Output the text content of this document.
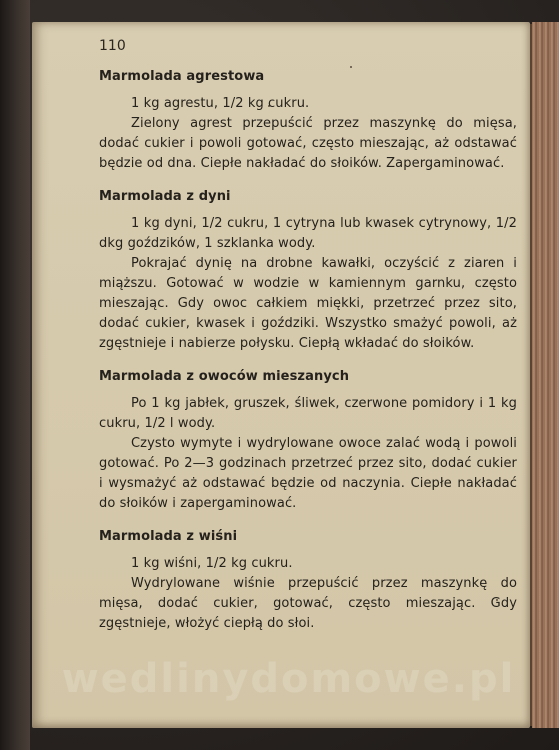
110

Marmolada agrestowa

1 kg agrestu, 1/2 kg cukru.

Zielony agrest przepuścić przez maszynkę do mięsa, dodać cukier i powoli gotować, często mieszając, aż odstawać będzie od dna. Ciepłe nakładać do słoików. Zapergaminować.

Marmolada z dyni

1 kg dyni, 1/2 cukru, 1 cytryna lub kwasek cytrynowy, 1/2 dkg goździków, 1 szklanka wody.

Pokrajać dynię na drobne kawałki, oczyścić z ziaren i miąższu. Gotować w wodzie w kamiennym garnku, często mieszając. Gdy owoc całkiem miękki, przetrzeć przez sito, dodać cukier, kwasek i goździki. Wszystko smażyć powoli, aż zgęstnieje i nabierze połysku. Ciepłą wkładać do słoików.

Marmolada z owoców mieszanych

Po 1 kg jabłek, gruszek, śliwek, czerwone pomidory i 1 kg cukru, 1/2 l wody.

Czysto wymyte i wydrylowane owoce zalać wodą i powoli gotować. Po 2—3 godzinach przetrzeć przez sito, dodać cukier i wysmażyć aż odstawać będzie od naczynia. Ciepłe nakładać do słoików i zapergaminować.

Marmolada z wiśni

1 kg wiśni, 1/2 kg cukru.

Wydrylowane wiśnie przepuścić przez maszynkę do mięsa, dodać cukier, gotować, często mieszając. Gdy zgęstnieje, włożyć ciepłą do słoi.

wedlinydomowe.pl
